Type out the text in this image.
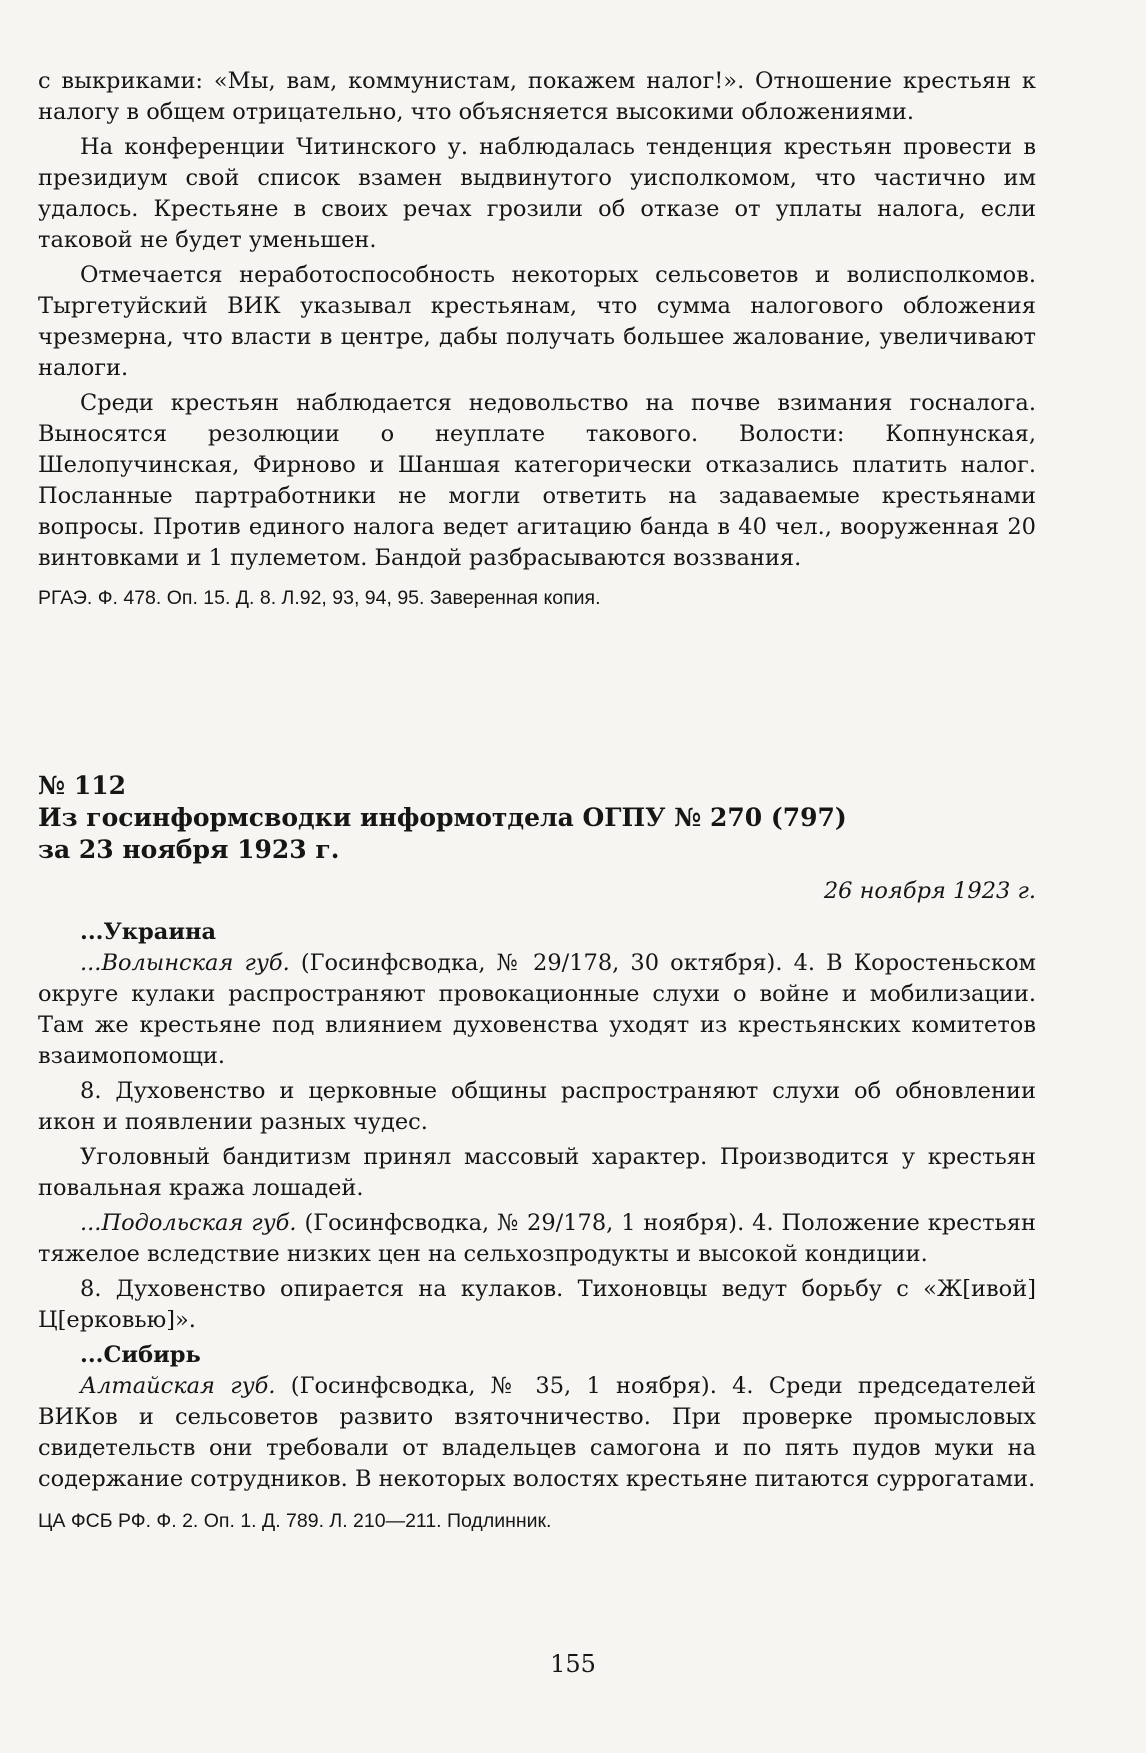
с выкриками: «Мы, вам, коммунистам, покажем налог!». Отношение крестьян к налогу в общем отрицательно, что объясняется высокими обложениями.

На конференции Читинского у. наблюдалась тенденция крестьян провести в президиум свой список взамен выдвинутого уисполкомом, что частично им удалось. Крестьяне в своих речах грозили об отказе от уплаты налога, если таковой не будет уменьшен.

Отмечается неработоспособность некоторых сельсоветов и волисполкомов. Тыргетуйский ВИК указывал крестьянам, что сумма налогового обложения чрезмерна, что власти в центре, дабы получать большее жалование, увеличивают налоги.

Среди крестьян наблюдается недовольство на почве взимания госналога. Выносятся резолюции о неуплате такового. Волости: Копнунская, Шелопучинская, Фирново и Шаншая категорически отказались платить налог. Посланные партработники не могли ответить на задаваемые крестьянами вопросы. Против единого налога ведет агитацию банда в 40 чел., вооруженная 20 винтовками и 1 пулеметом. Бандой разбрасываются воззвания.

РГАЭ. Ф. 478. Оп. 15. Д. 8. Л.92, 93, 94, 95. Заверенная копия.

№ 112
Из госинформсводки информотдела ОГПУ № 270 (797)
за 23 ноября 1923 г.

26 ноября 1923 г.

...Украина

...Волынская губ. (Госинфсводка, № 29/178, 30 октября). 4. В Коростеньском округе кулаки распространяют провокационные слухи о войне и мобилизации. Там же крестьяне под влиянием духовенства уходят из крестьянских комитетов взаимопомощи.

8. Духовенство и церковные общины распространяют слухи об обновлении икон и появлении разных чудес.

Уголовный бандитизм принял массовый характер. Производится у крестьян повальная кража лошадей.

...Подольская губ. (Госинфсводка, № 29/178, 1 ноября). 4. Положение крестьян тяжелое вследствие низких цен на сельхозпродукты и высокой кондиции.

8. Духовенство опирается на кулаков. Тихоновцы ведут борьбу с «Ж[ивой] Ц[ерковью]».

...Сибирь

Алтайская губ. (Госинфсводка, № 35, 1 ноября). 4. Среди председателей ВИКов и сельсоветов развито взяточничество. При проверке промысловых свидетельств они требовали от владельцев самогона и по пять пудов муки на содержание сотрудников. В некоторых волостях крестьяне питаются суррогатами.

ЦА ФСБ РФ. Ф. 2. Оп. 1. Д. 789. Л. 210—211. Подлинник.

155
